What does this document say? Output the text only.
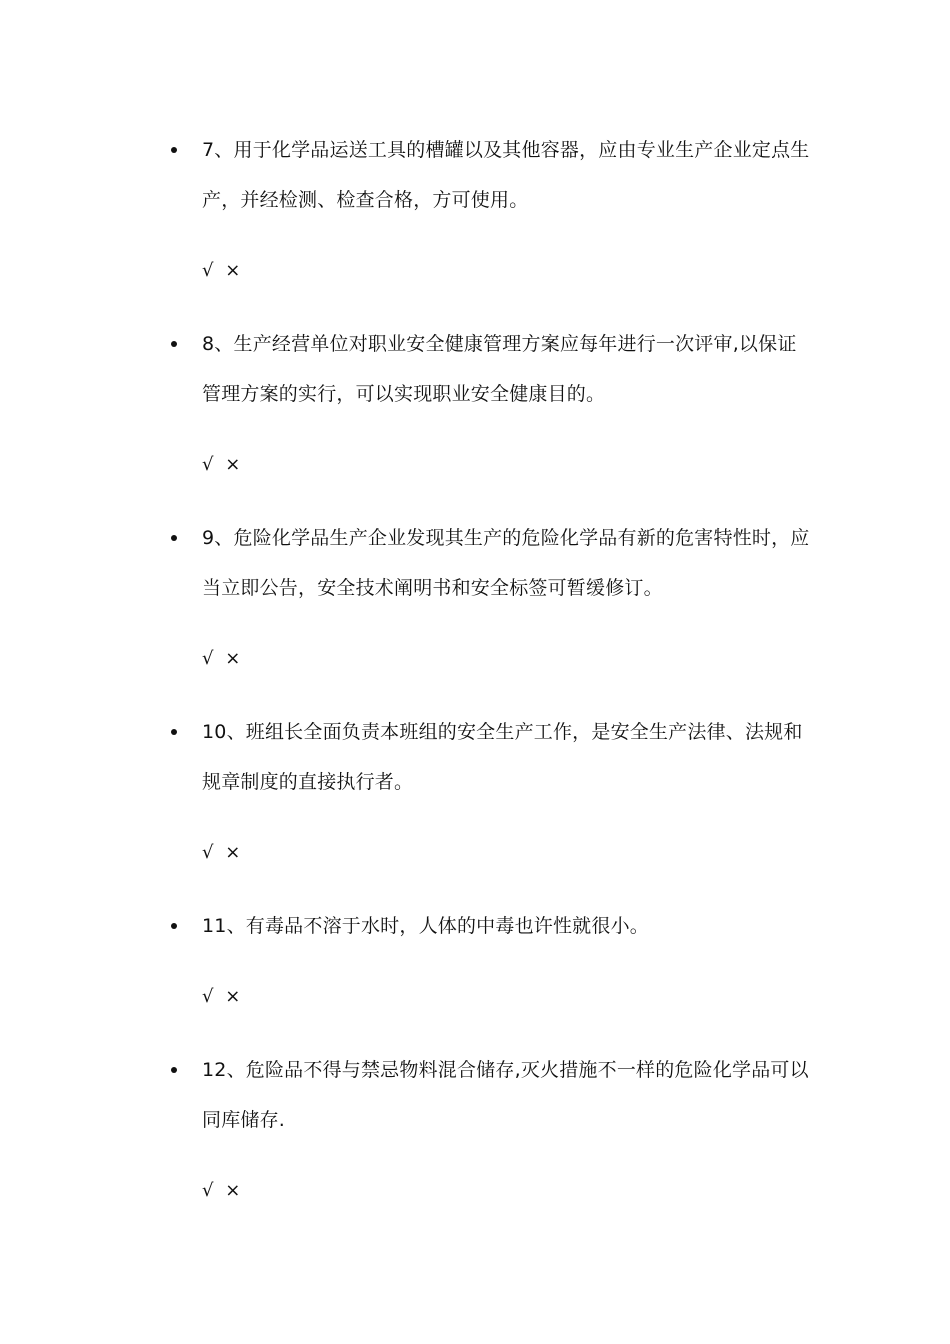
7、用于化学品运送工具的槽罐以及其他容器，应由专业生产企业定点生
产，并经检测、检查合格，方可使用。
√ ×
8、生产经营单位对职业安全健康管理方案应每年进行一次评审,以保证
管理方案的实行，可以实现职业安全健康目的。
√ ×
9、危险化学品生产企业发现其生产的危险化学品有新的危害特性时，应
当立即公告，安全技术阐明书和安全标签可暂缓修订。
√ ×
10、班组长全面负责本班组的安全生产工作，是安全生产法律、法规和
规章制度的直接执行者。
√ ×
11、有毒品不溶于水时，人体的中毒也许性就很小。
√ ×
12、危险品不得与禁忌物料混合储存,灭火措施不一样的危险化学品可以
同库储存.
√ ×
